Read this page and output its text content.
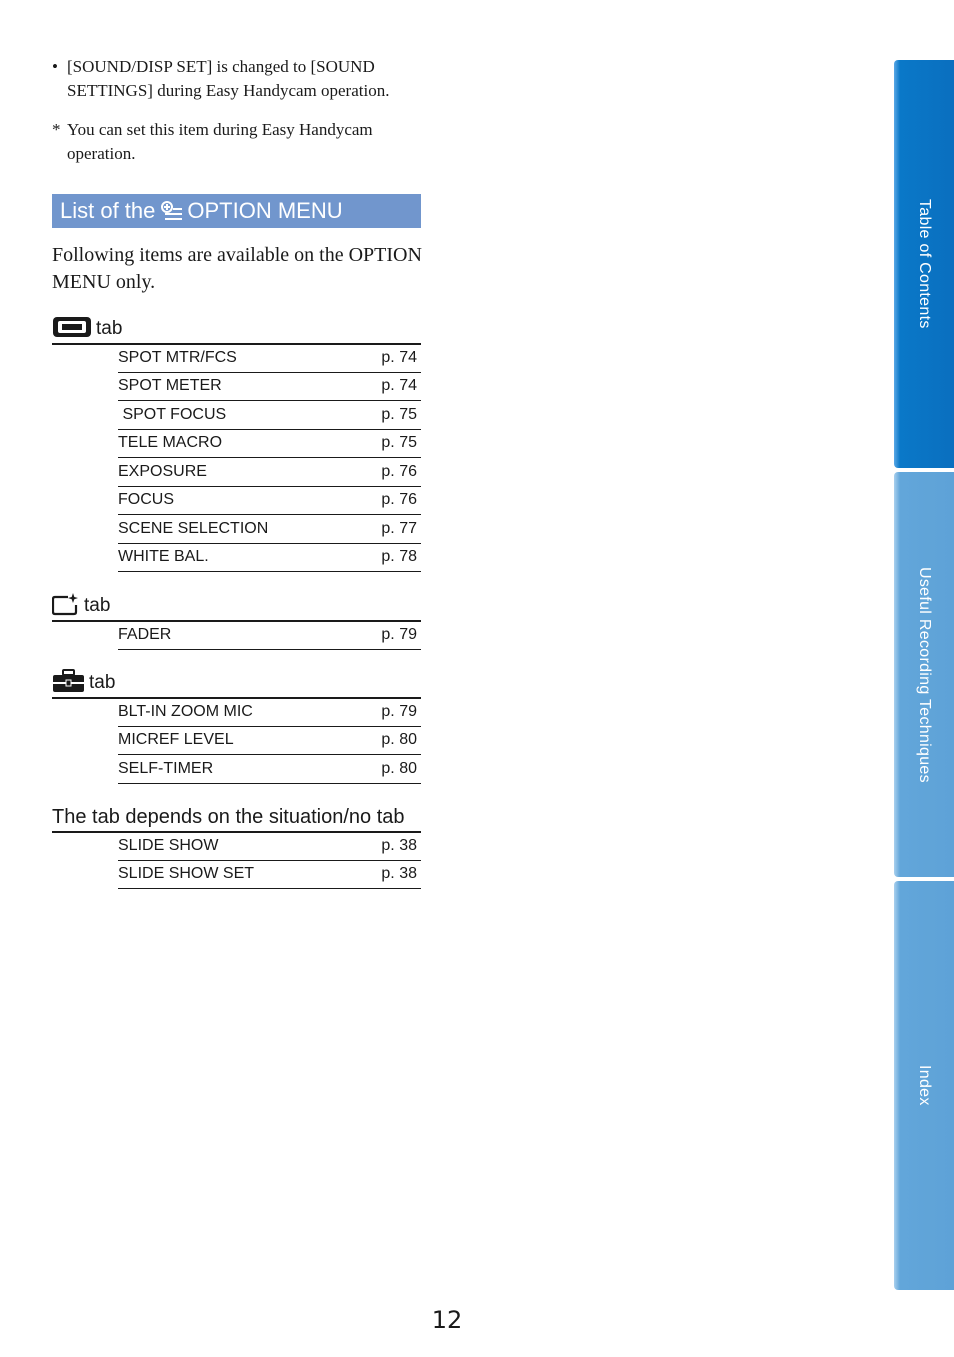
• [SOUND/DISP SET] is changed to [SOUND SETTINGS] during Easy Handycam operation.
* You can set this item during Easy Handycam operation.
List of the OPTION MENU
Following items are available on the OPTION MENU only.
tab
SPOT MTR/FCS	p. 74
SPOT METER	p. 74
SPOT FOCUS	p. 75
TELE MACRO	p. 75
EXPOSURE	p. 76
FOCUS	p. 76
SCENE SELECTION	p. 77
WHITE BAL.	p. 78
tab
FADER	p. 79
tab
BLT-IN ZOOM MIC	p. 79
MICREF LEVEL	p. 80
SELF-TIMER	p. 80
The tab depends on the situation/no tab
SLIDE SHOW	p. 38
SLIDE SHOW SET	p. 38
Table of Contents
Useful Recording Techniques
Index
12
